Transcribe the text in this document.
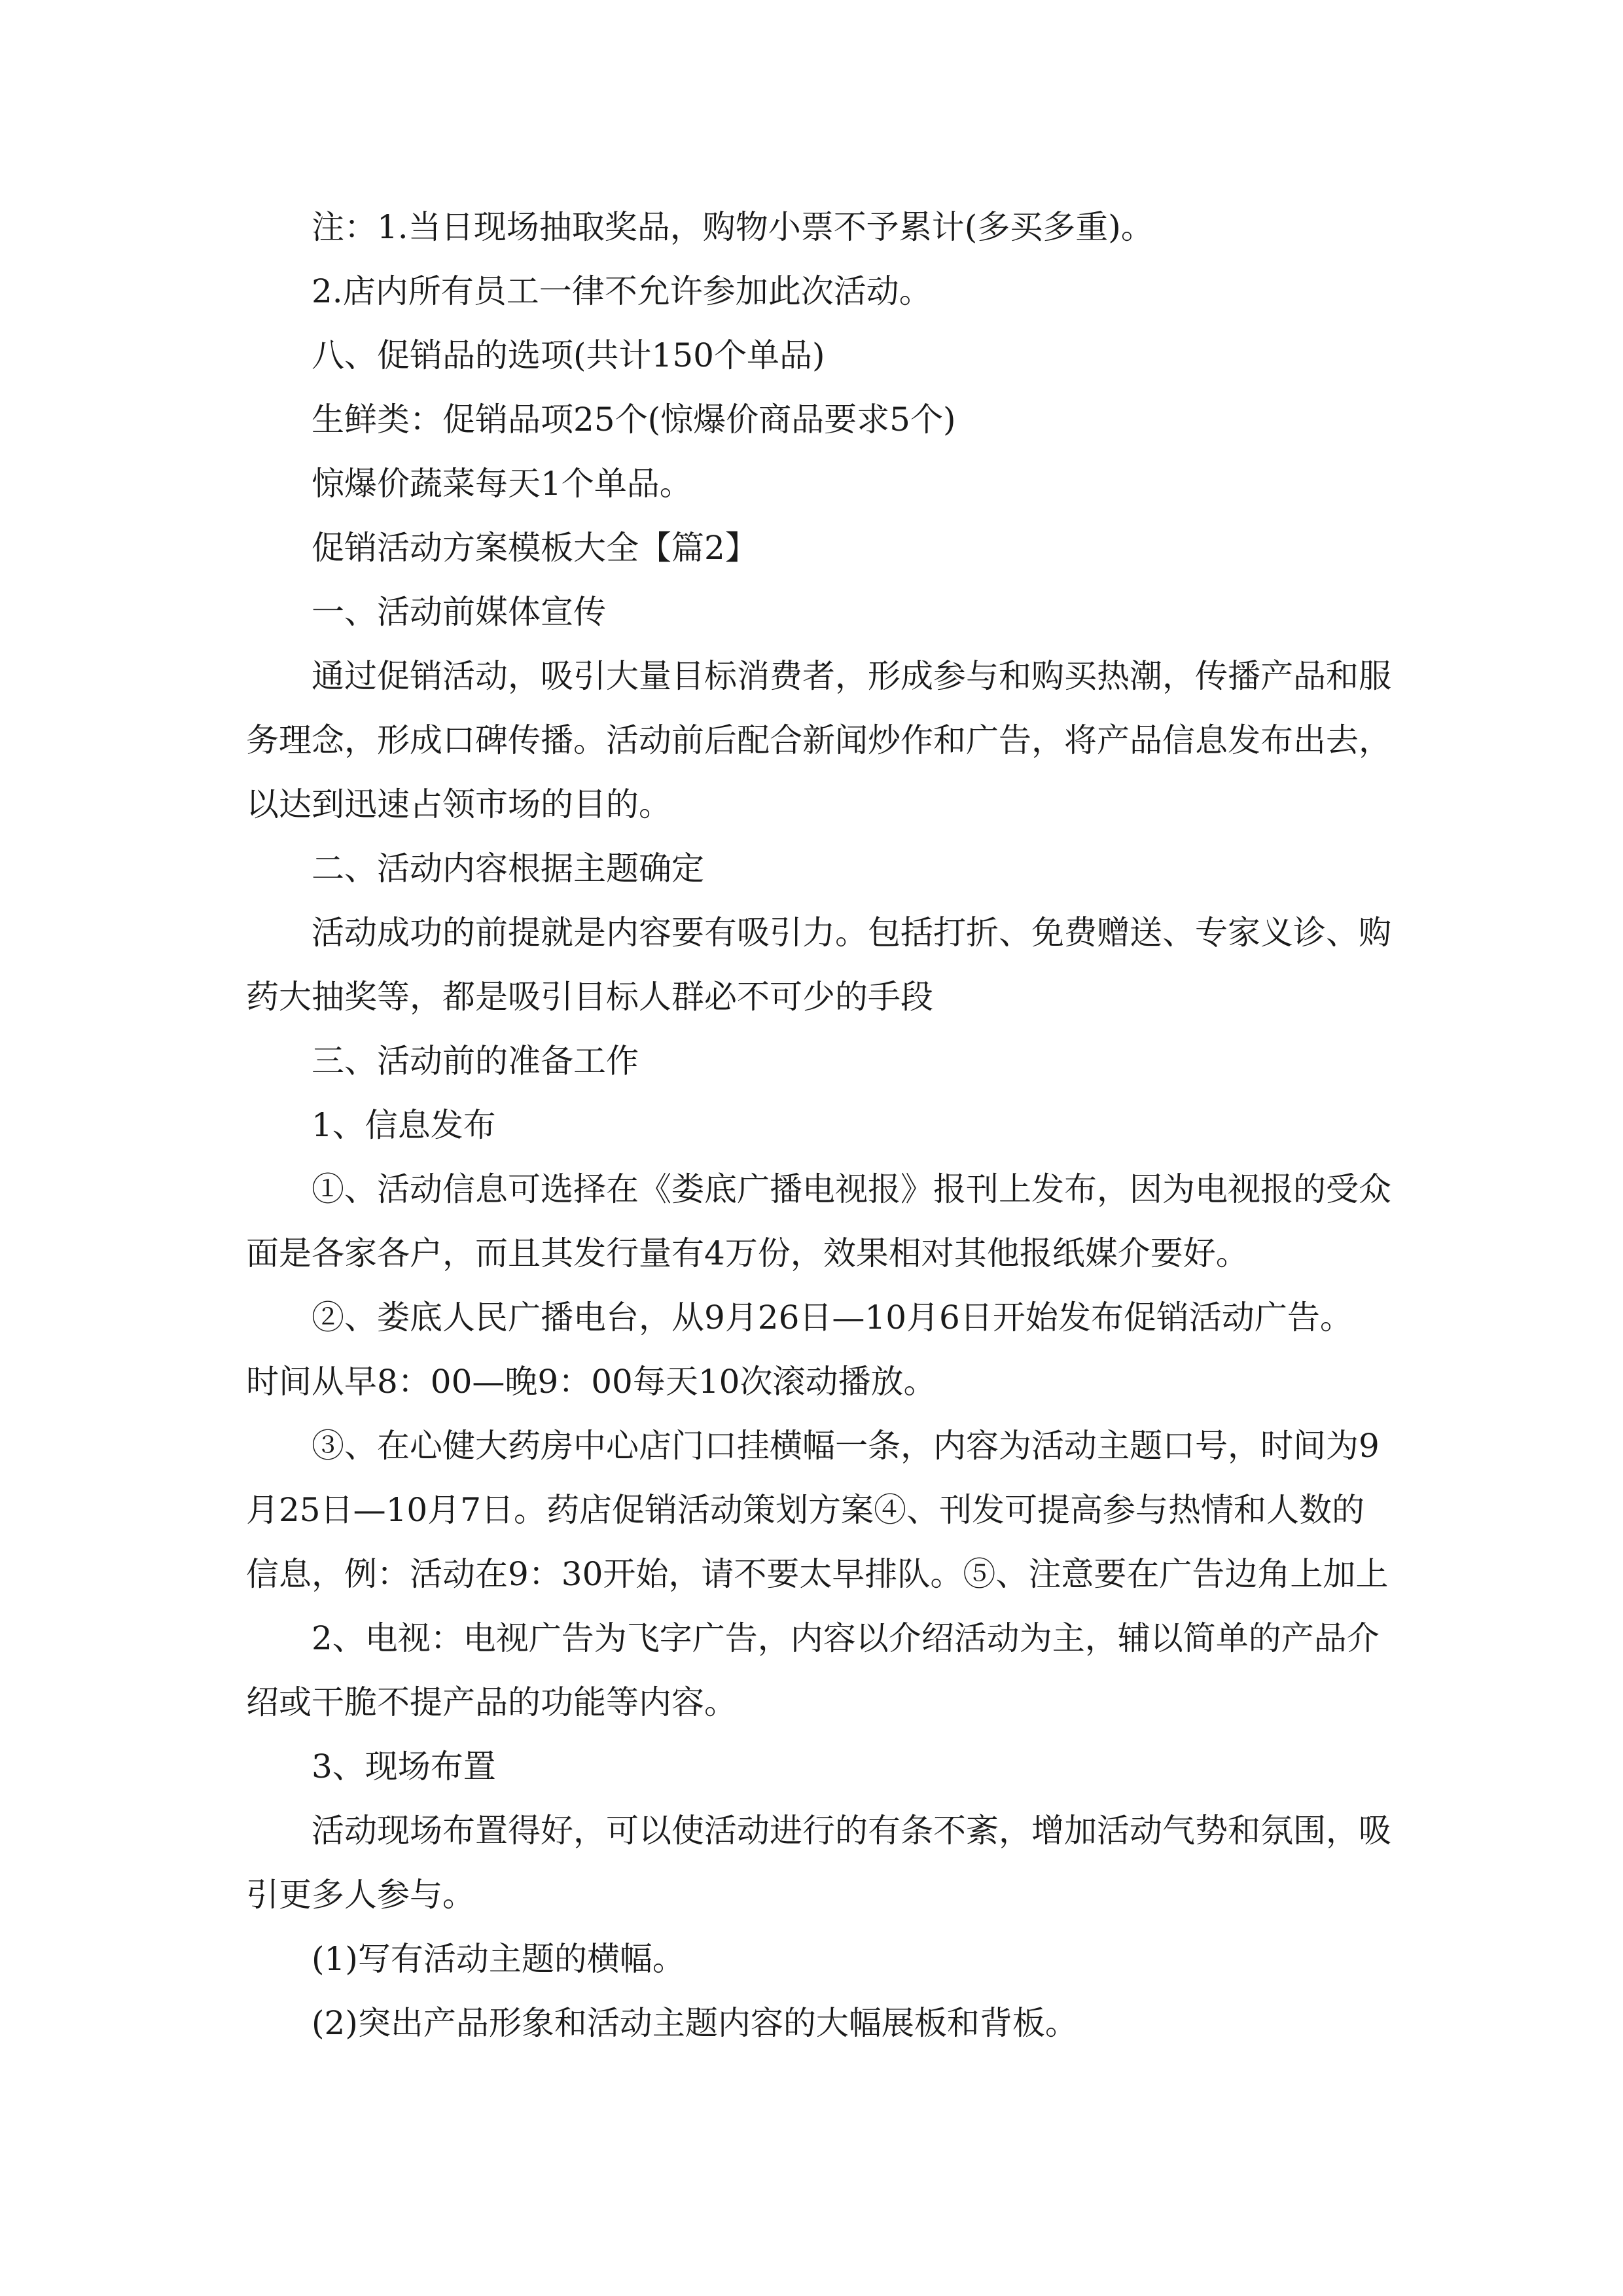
注：1.当日现场抽取奖品，购物小票不予累计(多买多重)。
2.店内所有员工一律不允许参加此次活动。
八、促销品的选项(共计150个单品)
生鲜类：促销品项25个(惊爆价商品要求5个)
惊爆价蔬菜每天1个单品。
促销活动方案模板大全【篇2】
一、活动前媒体宣传
通过促销活动，吸引大量目标消费者，形成参与和购买热潮，传播产品和服
务理念，形成口碑传播。活动前后配合新闻炒作和广告，将产品信息发布出去，
以达到迅速占领市场的目的。
二、活动内容根据主题确定
活动成功的前提就是内容要有吸引力。包括打折、免费赠送、专家义诊、购
药大抽奖等，都是吸引目标人群必不可少的手段
三、活动前的准备工作
1、信息发布
①、活动信息可选择在《娄底广播电视报》报刊上发布，因为电视报的受众
面是各家各户，而且其发行量有4万份，效果相对其他报纸媒介要好。
②、娄底人民广播电台，从9月26日—10月6日开始发布促销活动广告。
时间从早8：00—晚9：00每天10次滚动播放。
③、在心健大药房中心店门口挂横幅一条，内容为活动主题口号，时间为9
月25日—10月7日。药店促销活动策划方案④、刊发可提高参与热情和人数的
信息，例：活动在9：30开始，请不要太早排队。⑤、注意要在广告边角上加上
2、电视：电视广告为飞字广告，内容以介绍活动为主，辅以简单的产品介
绍或干脆不提产品的功能等内容。
3、现场布置
活动现场布置得好，可以使活动进行的有条不紊，增加活动气势和氛围，吸
引更多人参与。
(1)写有活动主题的横幅。
(2)突出产品形象和活动主题内容的大幅展板和背板。
